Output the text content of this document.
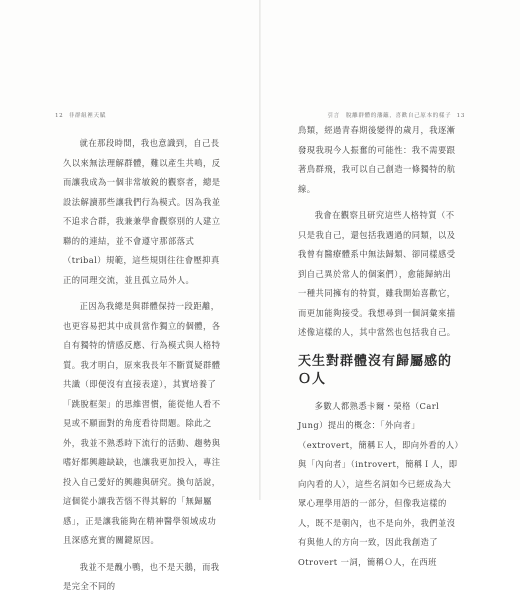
12 非群組裡天賦

就在那段時間，我也意識到，自己長久以來無法理解群體，難以產生共鳴，反而讓我成為一個非常敏銳的觀察者，總是設法解讀那些讓我們行為模式。因為我並不追求合群，我兼兼學會觀察別的人建立聯的的連結，並不會遵守那部落式（tribal）規範，這些規則往往會壓抑真正的同理交流，並且孤立局外人。

正因為我總是與群體保持一段距離，也更容易把其中成員當作獨立的個體，各自有獨特的情感反應、行為模式與人格特質。我才明白，原來我長年不斷質疑群體共識（即便沒有直接表達），其實培養了「跳脫框架」的思維習慣，能從他人看不見或不願面對的角度看待問題。除此之外，我並不熟悉時下流行的活動、趨勢與嗜好都興趣缺缺，也讓我更加投入，專注投入自己愛好的興趣與研究。換句話說，這個從小讓我苦惱不得其解的「無歸屬感」，正是讓我能夠在精神醫學領域成功且深感充實的關鍵原因。

我並不是醜小鴨，也不是天鵝，而我是完全不同的

引言　脫離群體的藩籬，喜歡自己原本的樣子 13

鳥類，經過青春期後變得的歲月，我逐漸發現我現今人振奮的可能性：我不需要跟著鳥群飛，我可以自己創造一條獨特的航線。

我會在觀察且研究這些人格特質（不只是我自己，還包括我遇過的同類，以及我曾有醫療體系中無法歸類、卻同樣感受到自己異於常人的個案們），愈能歸納出一種共同擁有的特質，雖我開始喜歡它，而更加能夠接受。我想尋到一個詞彙來描述像這樣的人，其中當然也包括我自己。

天生對群體沒有歸屬感的Ｏ人

多數人都熟悉卡爾・榮格（Carl Jung）提出的概念：「外向者」（extrovert，簡稱Ｅ人，即向外看的人）與「內向者」（introvert，簡稱Ｉ人，即向內看的人），這些名詞如今已經成為大眾心理學用語的一部分，但像我這樣的人，既不是朝內，也不是向外，我們並沒有與他人的方向一致，因此我創造了 Otrovert 一詞，簡稱Ｏ人，在西班
